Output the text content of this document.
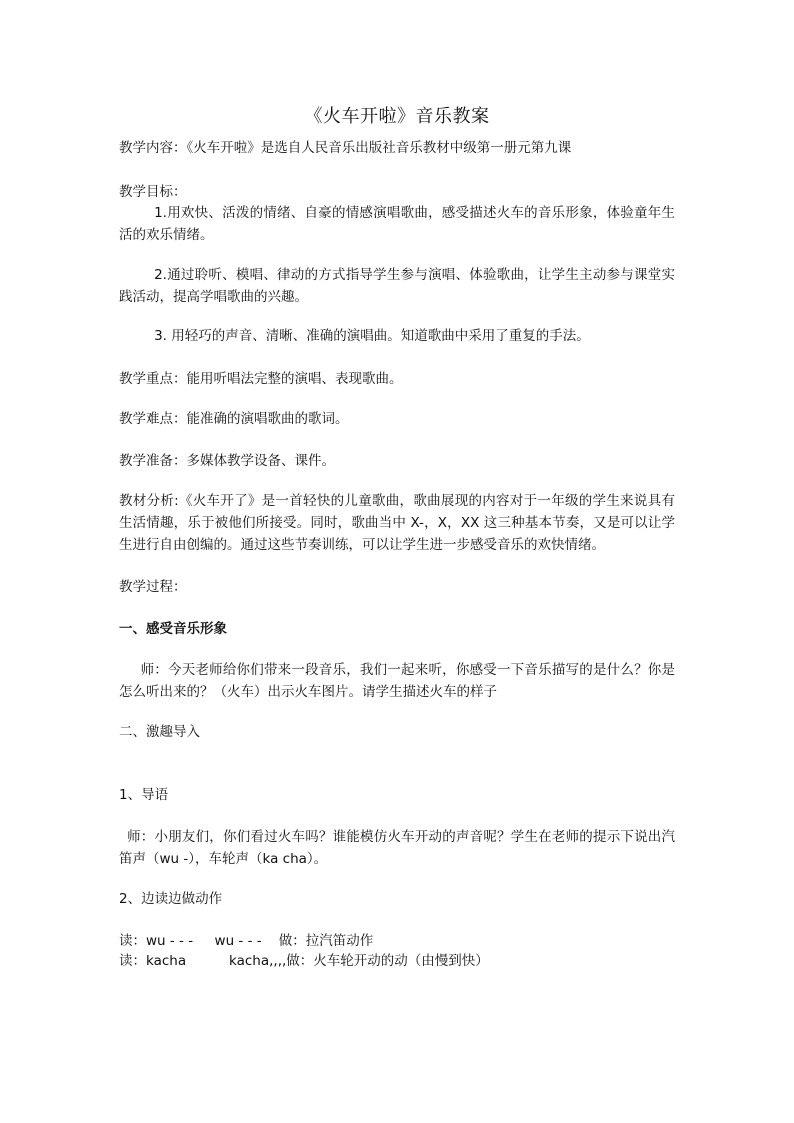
《火车开啦》音乐教案
教学内容：《火车开啦》是选自人民音乐出版社音乐教材中级第一册元第九课
教学目标：
1.用欢快、活泼的情绪、自豪的情感演唱歌曲，感受描述火车的音乐形象，体验童年生活的欢乐情绪。
2.通过聆听、模唱、律动的方式指导学生参与演唱、体验歌曲，让学生主动参与课堂实践活动，提高学唱歌曲的兴趣。
3. 用轻巧的声音、清晰、准确的演唱曲。知道歌曲中采用了重复的手法。
教学重点：能用听唱法完整的演唱、表现歌曲。
教学难点：能准确的演唱歌曲的歌词。
教学准备：多媒体教学设备、课件。
教材分析:《火车开了》是一首轻快的儿童歌曲，歌曲展现的内容对于一年级的学生来说具有生活情趣，乐于被他们所接受。同时，歌曲当中 X-，X，XX 这三种基本节奏，又是可以让学生进行自由创编的。通过这些节奏训练，可以让学生进一步感受音乐的欢快情绪。
教学过程：
一、感受音乐形象
师：今天老师给你们带来一段音乐，我们一起来听，你感受一下音乐描写的是什么？你是怎么听出来的？（火车）出示火车图片。请学生描述火车的样子
二、激趣导入
1、导语
师：小朋友们，你们看过火车吗？谁能模仿火车开动的声音呢？学生在老师的提示下说出汽笛声（wu -），车轮声（ka cha）。
2、边读边做动作
读：wu - - -     wu - - -    做：拉汽笛动作
读：kacha          kacha,,,,做：火车轮开动的动（由慢到快）
